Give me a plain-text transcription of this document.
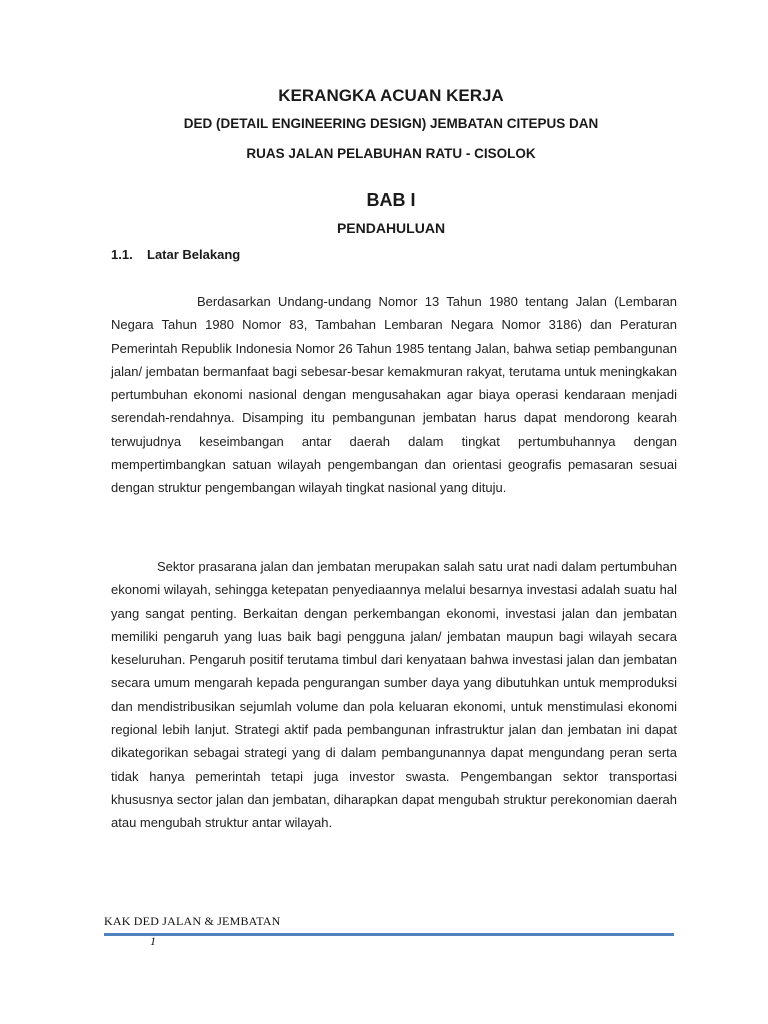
KERANGKA ACUAN KERJA
DED (DETAIL ENGINEERING DESIGN) JEMBATAN CITEPUS DAN
RUAS JALAN PELABUHAN RATU - CISOLOK
BAB I
PENDAHULUAN
1.1. Latar Belakang
Berdasarkan Undang-undang Nomor 13 Tahun 1980 tentang Jalan (Lembaran Negara Tahun 1980 Nomor 83, Tambahan Lembaran Negara Nomor 3186) dan Peraturan Pemerintah Republik Indonesia Nomor 26 Tahun 1985 tentang Jalan, bahwa setiap pembangunan jalan/ jembatan bermanfaat bagi sebesar-besar kemakmuran rakyat, terutama untuk meningkakan pertumbuhan ekonomi nasional dengan mengusahakan agar biaya operasi kendaraan menjadi serendah-rendahnya. Disamping itu pembangunan jembatan harus dapat mendorong kearah terwujudnya keseimbangan antar daerah dalam tingkat pertumbuhannya dengan mempertimbangkan satuan wilayah pengembangan dan orientasi geografis pemasaran sesuai dengan struktur pengembangan wilayah tingkat nasional yang dituju.
Sektor prasarana jalan dan jembatan merupakan salah satu urat nadi dalam pertumbuhan ekonomi wilayah, sehingga ketepatan penyediaannya melalui besarnya investasi adalah suatu hal yang sangat penting. Berkaitan dengan perkembangan ekonomi, investasi jalan dan jembatan memiliki pengaruh yang luas baik bagi pengguna jalan/ jembatan maupun bagi wilayah secara keseluruhan. Pengaruh positif terutama timbul dari kenyataan bahwa investasi jalan dan jembatan secara umum mengarah kepada pengurangan sumber daya yang dibutuhkan untuk memproduksi dan mendistribusikan sejumlah volume dan pola keluaran ekonomi, untuk menstimulasi ekonomi regional lebih lanjut. Strategi aktif pada pembangunan infrastruktur jalan dan jembatan ini dapat dikategorikan sebagai strategi yang di dalam pembangunannya dapat mengundang peran serta tidak hanya pemerintah tetapi juga investor swasta. Pengembangan sektor transportasi khususnya sector jalan dan jembatan, diharapkan dapat mengubah struktur perekonomian daerah atau mengubah struktur antar wilayah.
KAK DED JALAN & JEMBATAN
1
